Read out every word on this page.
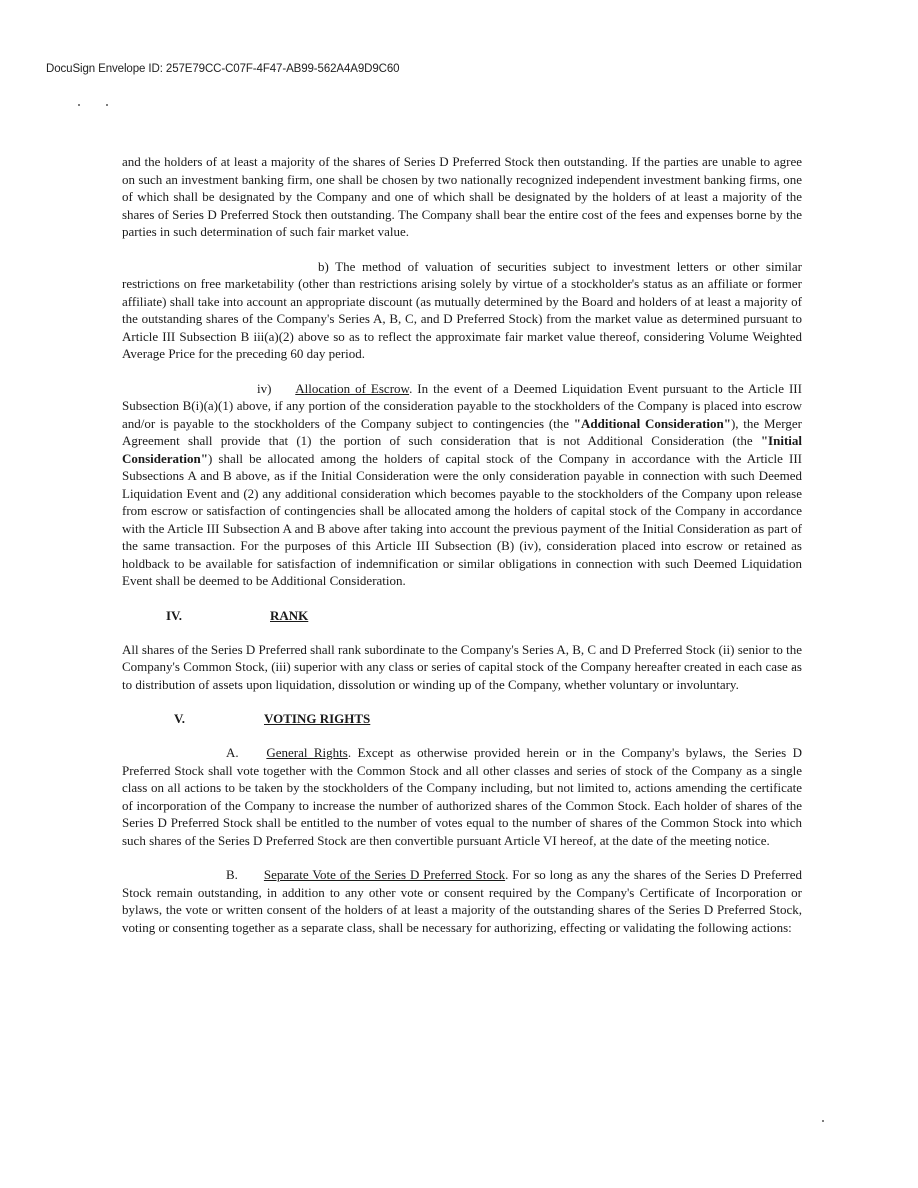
DocuSign Envelope ID: 257E79CC-C07F-4F47-AB99-562A4A9D9C60

and the holders of at least a majority of the shares of Series D Preferred Stock then outstanding. If the parties are unable to agree on such an investment banking firm, one shall be chosen by two nationally recognized independent investment banking firms, one of which shall be designated by the Company and one of which shall be designated by the holders of at least a majority of the shares of Series D Preferred Stock then outstanding. The Company shall bear the entire cost of the fees and expenses borne by the parties in such determination of such fair market value.

b) The method of valuation of securities subject to investment letters or other similar restrictions on free marketability (other than restrictions arising solely by virtue of a stockholder's status as an affiliate or former affiliate) shall take into account an appropriate discount (as mutually determined by the Board and holders of at least a majority of the outstanding shares of the Company's Series A, B, C, and D Preferred Stock) from the market value as determined pursuant to Article III Subsection B iii(a)(2) above so as to reflect the approximate fair market value thereof, considering Volume Weighted Average Price for the preceding 60 day period.

iv) Allocation of Escrow. In the event of a Deemed Liquidation Event pursuant to the Article III Subsection B(i)(a)(1) above, if any portion of the consideration payable to the stockholders of the Company is placed into escrow and/or is payable to the stockholders of the Company subject to contingencies (the "Additional Consideration"), the Merger Agreement shall provide that (1) the portion of such consideration that is not Additional Consideration (the "Initial Consideration") shall be allocated among the holders of capital stock of the Company in accordance with the Article III Subsections A and B above, as if the Initial Consideration were the only consideration payable in connection with such Deemed Liquidation Event and (2) any additional consideration which becomes payable to the stockholders of the Company upon release from escrow or satisfaction of contingencies shall be allocated among the holders of capital stock of the Company in accordance with the Article III Subsection A and B above after taking into account the previous payment of the Initial Consideration as part of the same transaction. For the purposes of this Article III Subsection (B) (iv), consideration placed into escrow or retained as holdback to be available for satisfaction of indemnification or similar obligations in connection with such Deemed Liquidation Event shall be deemed to be Additional Consideration.

IV.	RANK

All shares of the Series D Preferred shall rank subordinate to the Company's Series A, B, C and D Preferred Stock (ii) senior to the Company's Common Stock, (iii) superior with any class or series of capital stock of the Company hereafter created in each case as to distribution of assets upon liquidation, dissolution or winding up of the Company, whether voluntary or involuntary.

V.	VOTING RIGHTS

A. General Rights. Except as otherwise provided herein or in the Company's bylaws, the Series D Preferred Stock shall vote together with the Common Stock and all other classes and series of stock of the Company as a single class on all actions to be taken by the stockholders of the Company including, but not limited to, actions amending the certificate of incorporation of the Company to increase the number of authorized shares of the Common Stock. Each holder of shares of the Series D Preferred Stock shall be entitled to the number of votes equal to the number of shares of the Common Stock into which such shares of the Series D Preferred Stock are then convertible pursuant Article VI hereof, at the date of the meeting notice.

B. Separate Vote of the Series D Preferred Stock. For so long as any the shares of the Series D Preferred Stock remain outstanding, in addition to any other vote or consent required by the Company's Certificate of Incorporation or bylaws, the vote or written consent of the holders of at least a majority of the outstanding shares of the Series D Preferred Stock, voting or consenting together as a separate class, shall be necessary for authorizing, effecting or validating the following actions:
